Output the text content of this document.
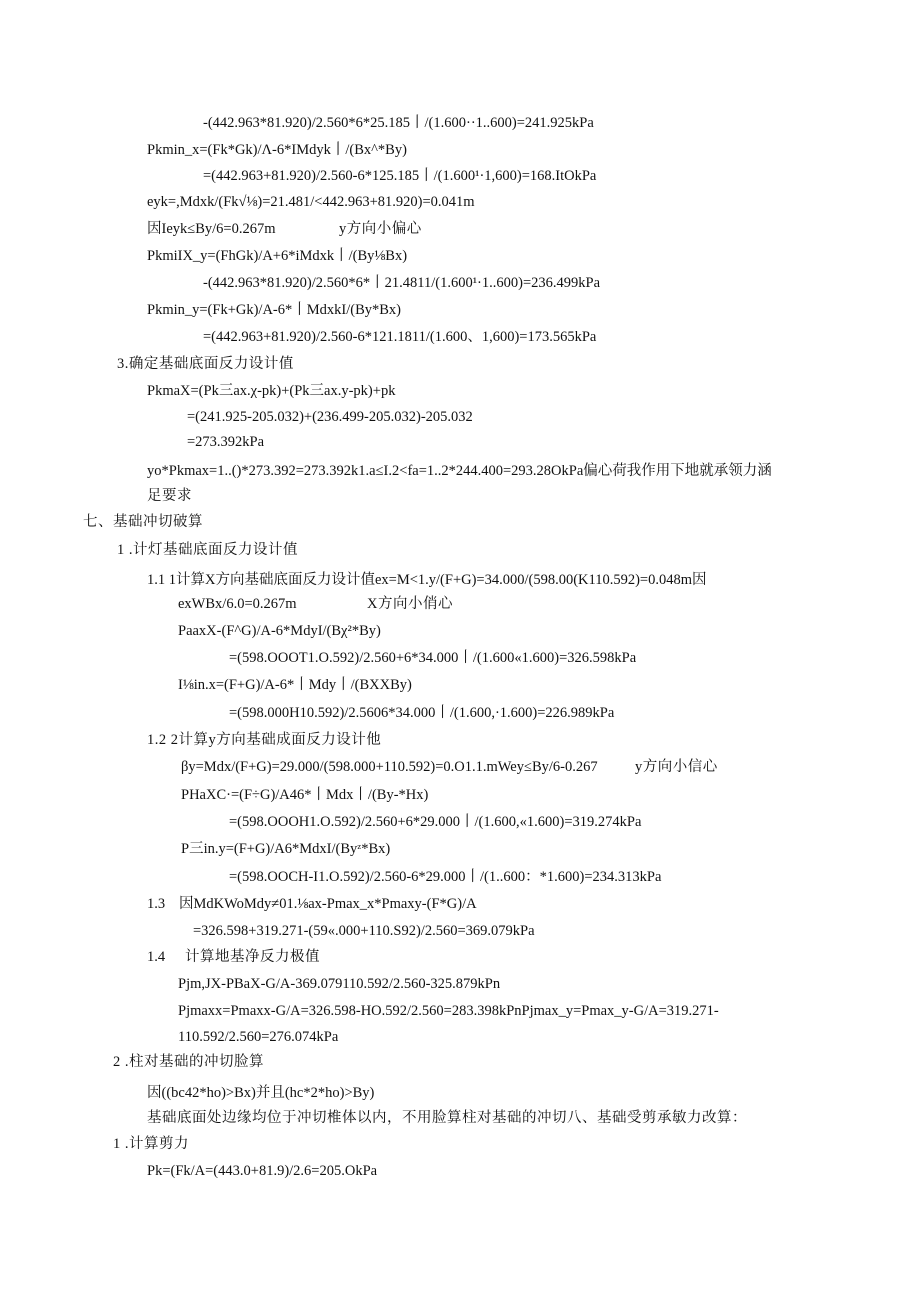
-(442.963*81.920)/2.560*6*25.185丨/(1.600··1..600)=241.925kPa
Pkmin_x=(Fk*Gk)/Λ-6*IMdyk丨/(Bx^*By)
=(442.963+81.920)/2.560-6*125.185丨/(1.600¹·1,600)=168.ItOkPa
eyk=,Mdxk/(Fk√⅛)=21.481/<442.963+81.920)=0.041m
因Ieyk≤By/6=0.267m	y方向小偏心
PkmiIX_y=(FhGk)/A+6*iMdxk丨/(By⅛Bx)
-(442.963*81.920)/2.560*6*丨21.4811/(1.600¹·1..600)=236.499kPa
Pkmin_y=(Fk+Gk)/A-6*丨MdxkI/(By*Bx)
=(442.963+81.920)/2.560-6*121.1811/(1.600、1,600)=173.565kPa
3.确定基础底面反力设计值
PkmaX=(Pk三ax.χ-pk)+(Pk三ax.y-pk)+pk
=(241.925-205.032)+(236.499-205.032)-205.032
=273.392kPa
yo*Pkmax=1..()*273.392=273.392k1.a≤I.2<fa=1..2*244.400=293.28OkPa偏心荷我作用下地就承领力涵
足要求
七、基础冲切破算
1 .计灯基础底面反力设计值
1.1 1计算X方向基础底面反力设计值ex=M<1.y/(F+G)=34.000/(598.00(K110.592)=0.048m因
exWBx/6.0=0.267m	X方向小俏心
PaaxX-(F^G)/A-6*MdyI/(Bχ²*By)
=(598.OOOT1.O.592)/2.560+6*34.000丨/(1.600«1.600)=326.598kPa
I⅛in.x=(F+G)/A-6*丨Mdy丨/(BXXBy)
=(598.000H10.592)/2.5606*34.000丨/(1.600,·1.600)=226.989kPa
1.2 2计算y方向基础成面反力设计他
βy=Mdx/(F+G)=29.000/(598.000+110.592)=0.O1.1.mWey≤By/6-0.267	y方向小信心
PHaXC·=(F÷G)/A46*丨Mdx丨/(By-*Hx)
=(598.OOOH1.O.592)/2.560+6*29.000丨/(1.600,«1.600)=319.274kPa
P三in.y=(F+G)/A6*MdxI/(Byᶻ*Bx)
=(598.OOCH-I1.O.592)/2.560-6*29.000丨/(1..600：*1.600)=234.313kPa
1.3 因MdKWoMdy≠01.⅛ax-Pmax_x*Pmaxy-(F*G)/A
=326.598+319.271-(59«.000+110.S92)/2.560=369.079kPa
1.4 计算地基净反力极值
Pjm,JX-PBaX-G/A-369.079110.592/2.560-325.879kPn
Pjmaxx=Pmaxx-G/A=326.598-HO.592/2.560=283.398kPnPjmax_y=Pmax_y-G/A=319.271-
110.592/2.560=276.074kPa
2 .柱对基础的冲切脸算
因((bc42*ho)>Bx)并且(hc*2*ho)>By)
基础底面处边缘均位于冲切椎体以内，不用脸算柱对基础的冲切八、基础受剪承敏力改算：
1 .计算剪力
Pk=(Fk/A=(443.0+81.9)/2.6=205.OkPa
